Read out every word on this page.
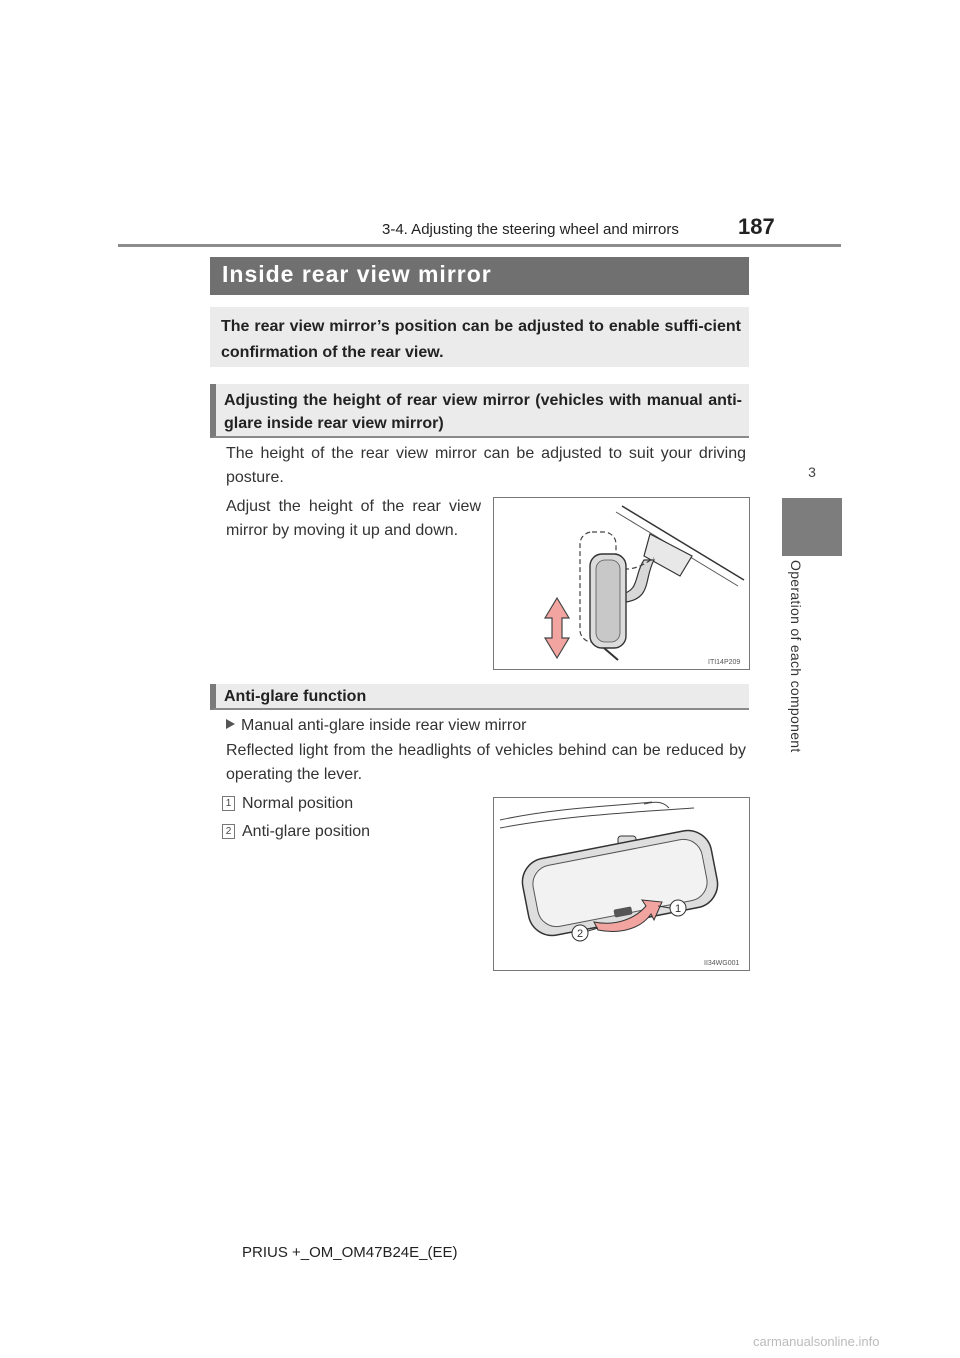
3-4. Adjusting the steering wheel and mirrors	187
3
Operation of each component
Inside rear view mirror
The rear view mirror’s position can be adjusted to enable suffi-cient confirmation of the rear view.
Adjusting the height of rear view mirror (vehicles with manual anti-glare inside rear view mirror)
The height of the rear view mirror can be adjusted to suit your driving posture.
Adjust the height of the rear view mirror by moving it up and down.
ITI14P209
Anti-glare function
Manual anti-glare inside rear view mirror
Reflected light from the headlights of vehicles behind can be reduced by operating the lever.
1 Normal position
2 Anti-glare position
1
2
II34WG001
PRIUS +_OM_OM47B24E_(EE)
carmanualsonline.info
